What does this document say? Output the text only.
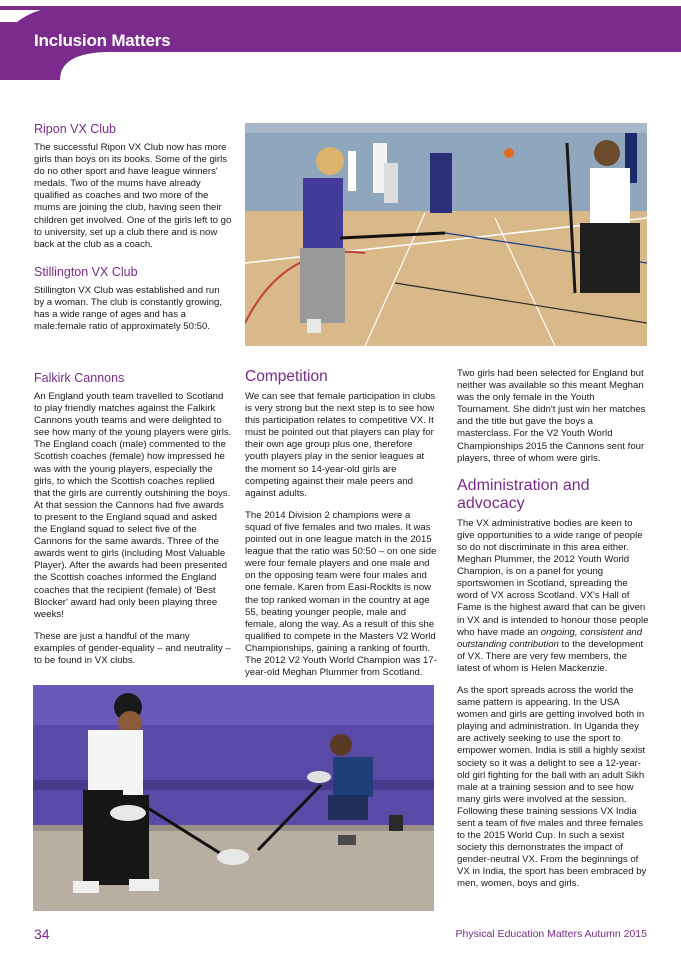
Inclusion Matters
Ripon VX Club

The successful Ripon VX Club now has more girls than boys on its books. Some of the girls do no other sport and have league winners' medals. Two of the mums have already qualified as coaches and two more of the mums are joining the club, having seen their children get involved. One of the girls left to go to university, set up a club there and is now back at the club as a coach.

Stillington VX Club

Stillington VX Club was established and run by a woman. The club is constantly growing, has a wide range of ages and has a male:female ratio of approximately 50:50.

Falkirk Cannons

An England youth team travelled to Scotland to play friendly matches against the Falkirk Cannons youth teams and were delighted to see how many of the young players were girls. The England coach (male) commented to the Scottish coaches (female) how impressed he was with the young players, especially the girls, to which the Scottish coaches replied that the girls are currently outshining the boys. At that session the Cannons had five awards to present to the England squad and asked the England squad to select five of the Cannons for the same awards. Three of the awards went to girls (including Most Valuable Player). After the awards had been presented the Scottish coaches informed the England coaches that the recipient (female) of 'Best Blocker' award had only been playing three weeks!

These are just a handful of the many examples of gender-equality – and neutrality – to be found in VX clubs.

Competition

We can see that female participation in clubs is very strong but the next step is to see how this participation relates to competitive VX. It must be pointed out that players can play for their own age group plus one, therefore youth players play in the senior leagues at the moment so 14-year-old girls are competing against their male peers and against adults.

The 2014 Division 2 champions were a squad of five females and two males. It was pointed out in one league match in the 2015 league that the ratio was 50:50 – on one side were four female players and one male and on the opposing team were four males and one female. Karen from Easi-Rocklts is now the top ranked woman in the country at age 55, beating younger people, male and female, along the way. As a result of this she qualified to compete in the Masters V2 World Championships, gaining a ranking of fourth. The 2012 V2 Youth World Champion was 17-year-old Meghan Plummer from Scotland.

Two girls had been selected for England but neither was available so this meant Meghan was the only female in the Youth Tournament. She didn't just win her matches and the title but gave the boys a masterclass. For the V2 Youth World Championships 2015 the Cannons sent four players, three of whom were girls.

Administration and advocacy

The VX administrative bodies are keen to give opportunities to a wide range of people so do not discriminate in this area either. Meghan Plummer, the 2012 Youth World Champion, is on a panel for young sportswomen in Scotland, spreading the word of VX across Scotland. VX's Hall of Fame is the highest award that can be given in VX and is intended to honour those people who have made an ongoing, consistent and outstanding contribution to the development of VX. There are very few members, the latest of whom is Helen Mackenzie.

As the sport spreads across the world the same pattern is appearing. In the USA women and girls are getting involved both in playing and administration. In Uganda they are actively seeking to use the sport to empower women. India is still a highly sexist society so it was a delight to see a 12-year-old girl fighting for the ball with an adult Sikh male at a training session and to see how many girls were involved at the session. Following these training sessions VX India sent a team of five males and three females to the 2015 World Cup. In such a sexist society this demonstrates the impact of gender-neutral VX. From the beginnings of VX in India, the sport has been embraced by men, women, boys and girls.

34	Physical Education Matters Autumn 2015
